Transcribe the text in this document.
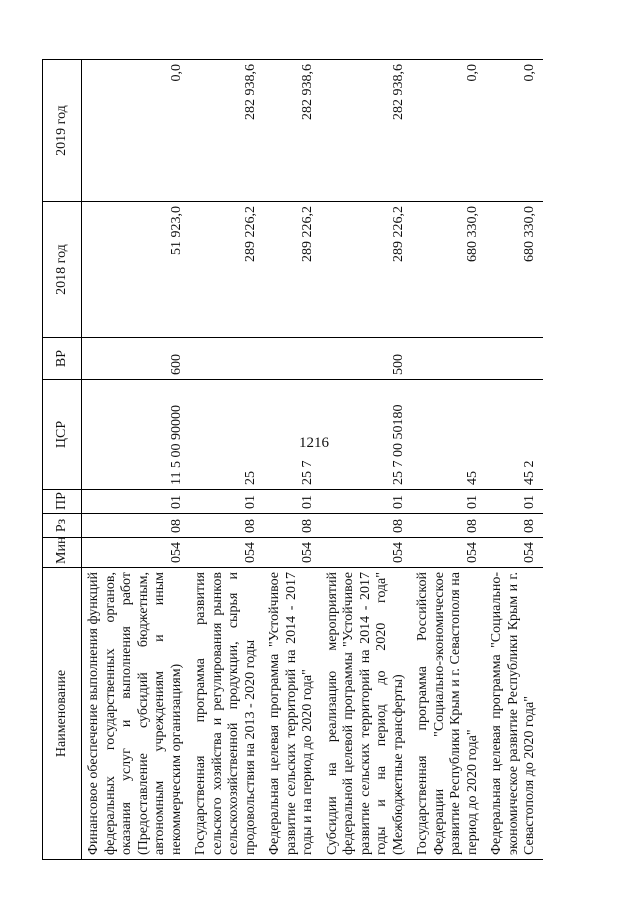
1216
Наименование	Мин	Рз	ПР	ЦСР	ВР	2018 год	2019 год
Финансовое обеспечение выполнения функций федеральных государственных органов, оказания услуг и выполнения работ (Предоставление субсидий бюджетным, автономным учреждениям и иным некоммерческим организациям)	054	08	01	11 5 00 90000	600	51 923,0	0,0
Государственная программа развития сельского хозяйства и регулирования рынков сельскохозяйственной продукции, сырья и продовольствия на 2013 - 2020 годы	054	08	01	25		289 226,2	282 938,6
Федеральная целевая программа "Устойчивое развитие сельских территорий на 2014 - 2017 годы и на период до 2020 года"	054	08	01	25 7		289 226,2	282 938,6
Субсидии на реализацию мероприятий федеральной целевой программы "Устойчивое развитие сельских территорий на 2014 - 2017 годы и на период до 2020 года" (Межбюджетные трансферты)	054	08	01	25 7 00 50180	500	289 226,2	282 938,6
Государственная программа Российской Федерации "Социально-экономическое развитие Республики Крым и г. Севастополя на период до 2020 года"	054	08	01	45		680 330,0	0,0
Федеральная целевая программа "Социально-экономическое развитие Республики Крым и г. Севастополя до 2020 года"	054	08	01	45 2		680 330,0	0,0
